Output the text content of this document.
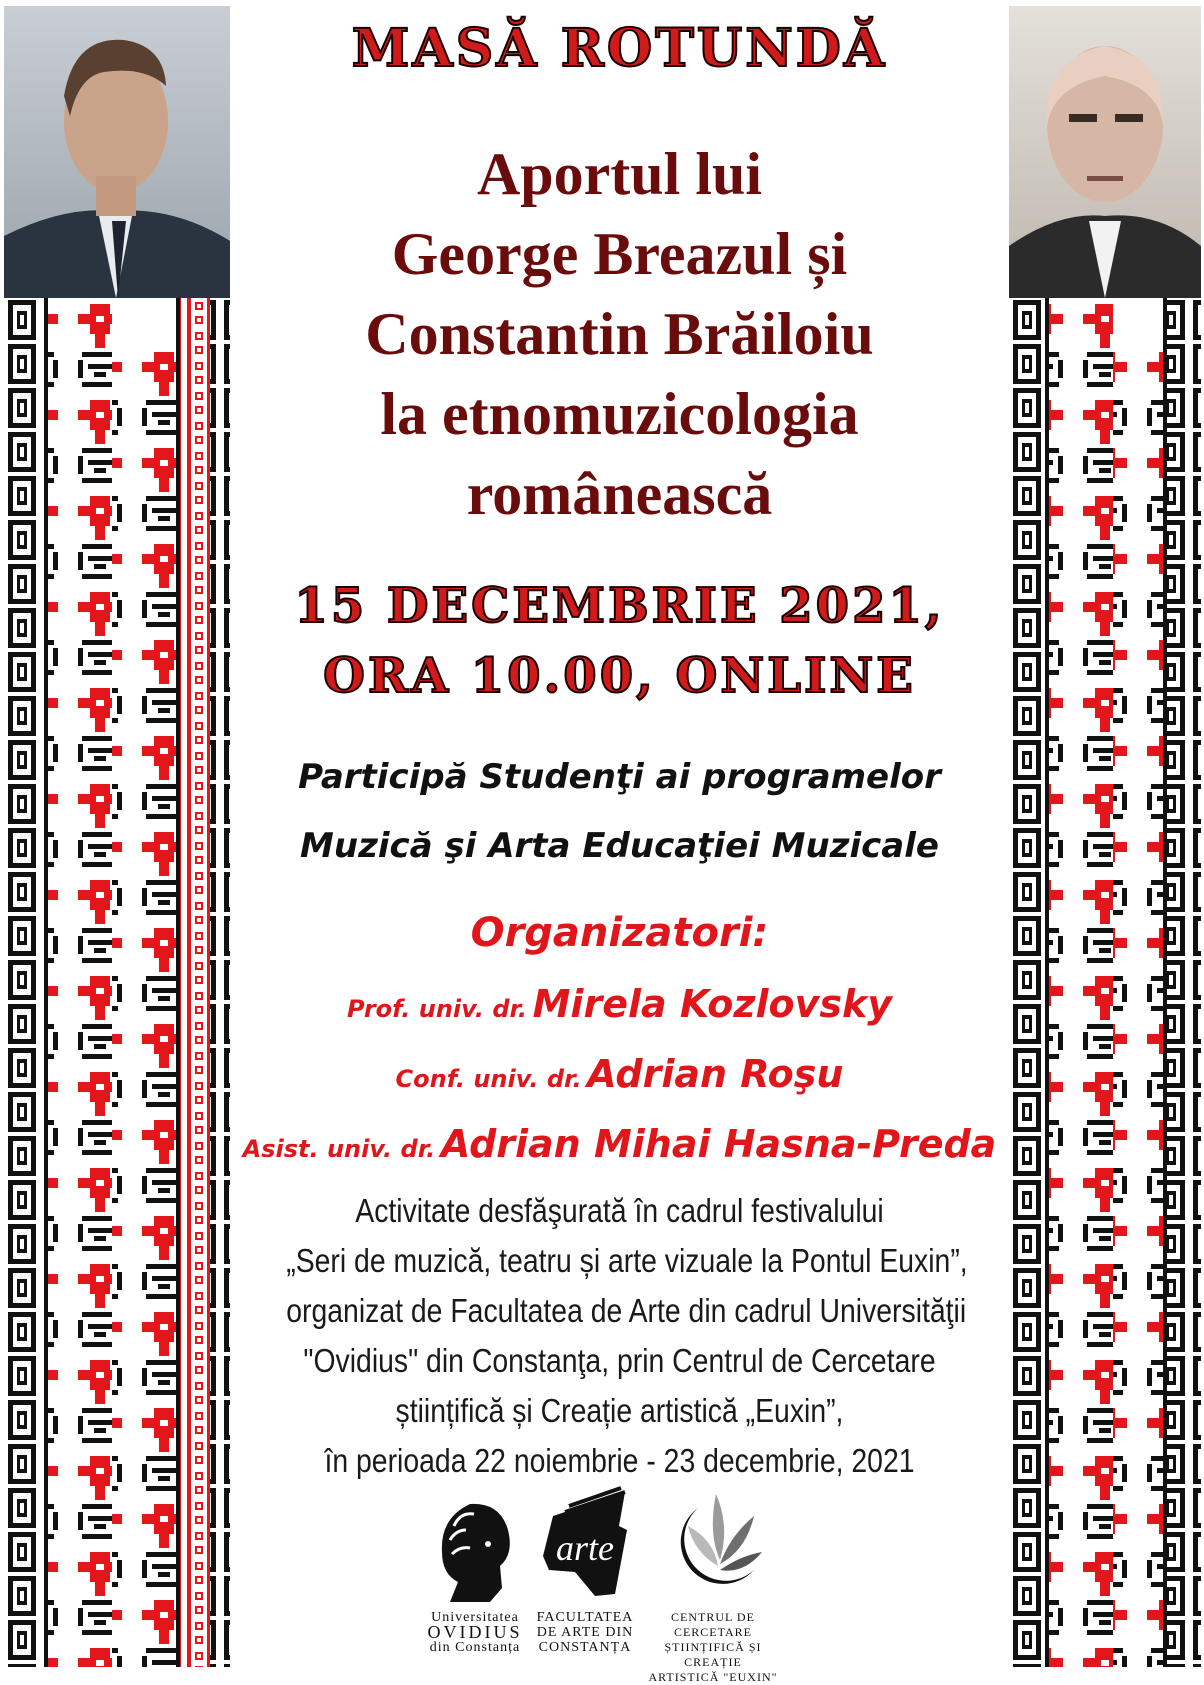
MASĂ ROTUNDĂ
Aportul lui
George Breazul și
Constantin Brăiloiu
la etnomuzicologia
românească
15 DECEMBRIE 2021,
ORA 10.00, ONLINE
Participă Studenţi ai programelor
Muzică şi Arta Educaţiei Muzicale
Organizatori:
Prof. univ. dr. Mirela Kozlovsky
Conf. univ. dr. Adrian Roşu
Asist. univ. dr. Adrian Mihai Hasna-Preda
Activitate desfăşurată în cadrul festivalului
„Seri de muzică, teatru și arte vizuale la Pontul Euxin”,
organizat de Facultatea de Arte din cadrul Universităţii
"Ovidius" din Constanţa, prin Centrul de Cercetare
științifică și Creație artistică „Euxin”,
în perioada 22 noiembrie - 23 decembrie, 2021
Universitatea
OVIDIUS
din Constanța
arte
FACULTATEA
DE ARTE DIN
CONSTANȚA
CENTRUL DE CERCETARE
ȘTIINȚIFICĂ ȘI CREAȚIE
ARTISTICĂ "EUXIN"
